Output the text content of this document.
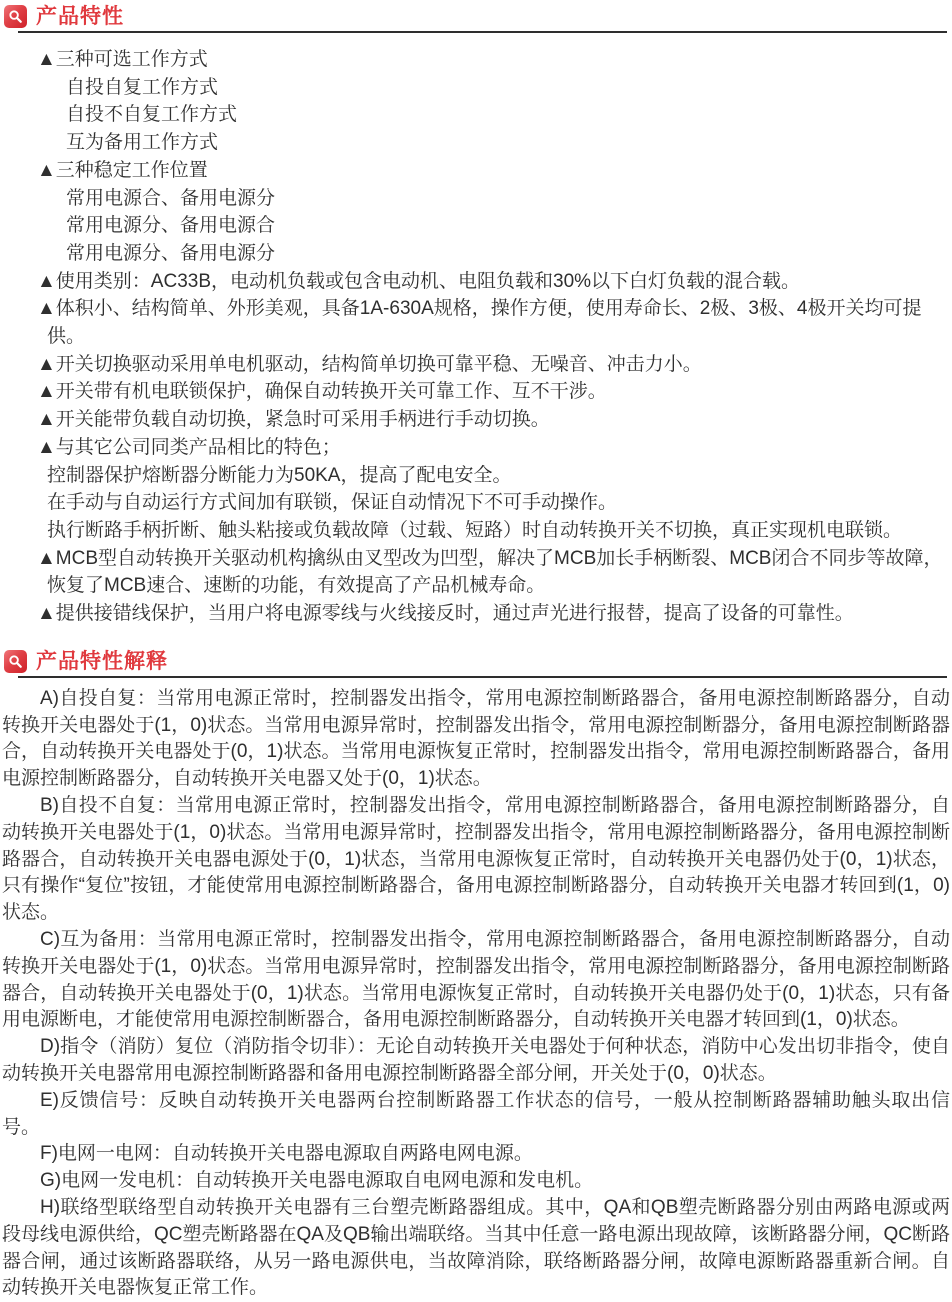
产品特性
▲三种可选工作方式
自投自复工作方式
自投不自复工作方式
互为备用工作方式
▲三种稳定工作位置
常用电源合、备用电源分
常用电源分、备用电源合
常用电源分、备用电源分
▲使用类别：AC33B，电动机负载或包含电动机、电阻负载和30%以下白灯负载的混合载。
▲体积小、结构简单、外形美观，具备1A-630A规格，操作方便，使用寿命长、2极、3极、4极开关均可提供。
▲开关切换驱动采用单电机驱动，结构简单切换可靠平稳、无噪音、冲击力小。
▲开关带有机电联锁保护，确保自动转换开关可靠工作、互不干涉。
▲开关能带负载自动切换，紧急时可采用手柄进行手动切换。
▲与其它公司同类产品相比的特色；
控制器保护熔断器分断能力为50KA，提高了配电安全。
在手动与自动运行方式间加有联锁，保证自动情况下不可手动操作。
执行断路手柄折断、触头粘接或负载故障（过载、短路）时自动转换开关不切换，真正实现机电联锁。
▲MCB型自动转换开关驱动机构擒纵由叉型改为凹型，解决了MCB加长手柄断裂、MCB闭合不同步等故障，恢复了MCB速合、速断的功能，有效提高了产品机械寿命。
▲提供接错线保护，当用户将电源零线与火线接反时，通过声光进行报替，提高了设备的可靠性。
产品特性解释
A)自投自复：当常用电源正常时，控制器发出指令，常用电源控制断路器合，备用电源控制断路器分，自动转换开关电器处于(1，0)状态。当常用电源异常时，控制器发出指令，常用电源控制断器分，备用电源控制断路器合，自动转换开关电器处于(0，1)状态。当常用电源恢复正常时，控制器发出指令，常用电源控制断路器合，备用电源控制断路器分，自动转换开关电器又处于(0，1)状态。
B)自投不自复：当常用电源正常时，控制器发出指令，常用电源控制断路器合，备用电源控制断路器分，自动转换开关电器处于(1，0)状态。当常用电源异常时，控制器发出指令，常用电源控制断路器分，备用电源控制断路器合，自动转换开关电器电源处于(0，1)状态，当常用电源恢复正常时，自动转换开关电器仍处于(0，1)状态，只有操作“复位”按钮，才能使常用电源控制断路器合，备用电源控制断路器分，自动转换开关电器才转回到(1，0)状态。
C)互为备用：当常用电源正常时，控制器发出指令，常用电源控制断路器合，备用电源控制断路器分，自动转换开关电器处于(1，0)状态。当常用电源异常时，控制器发出指令，常用电源控制断路器分，备用电源控制断路器合，自动转换开关电器处于(0，1)状态。当常用电源恢复正常时，自动转换开关电器仍处于(0，1)状态，只有备用电源断电，才能使常用电源控制断器合，备用电源控制断路器分，自动转换开关电器才转回到(1，0)状态。
D)指令（消防）复位（消防指令切非）：无论自动转换开关电器处于何种状态，消防中心发出切非指令，使自动转换开关电器常用电源控制断路器和备用电源控制断路器全部分闸，开关处于(0，0)状态。
E)反馈信号：反映自动转换开关电器两台控制断路器工作状态的信号，一般从控制断路器辅助触头取出信号。
F)电网一电网：自动转换开关电器电源取自两路电网电源。
G)电网一发电机：自动转换开关电器电源取自电网电源和发电机。
H)联络型联络型自动转换开关电器有三台塑壳断路器组成。其中，QA和QB塑壳断路器分别由两路电源或两段母线电源供给，QC塑壳断路器在QA及QB输出端联络。当其中任意一路电源出现故障，该断路器分闸，QC断路器合闸，通过该断路器联络，从另一路电源供电，当故障消除，联络断路器分闸，故障电源断路器重新合闸。自动转换开关电器恢复正常工作。
